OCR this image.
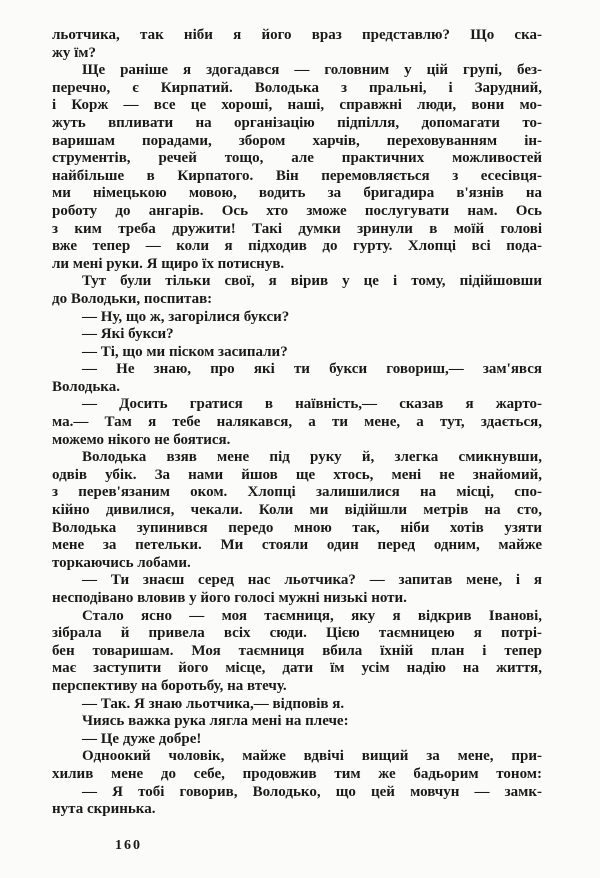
льотчика, так ніби я його враз представлю? Що ска-
жу їм?
Ще раніше я здогадався — головним у цій групі, без-
перечно, є Кирпатий. Володька з пральні, і Зарудний,
і Корж — все це хороші, наші, справжні люди, вони мо-
жуть впливати на організацію підпілля, допомагати то-
варишам порадами, збором харчів, переховуванням ін-
струментів, речей тощо, але практичних можливостей
найбільше в Кирпатого. Він перемовляється з есесівця-
ми німецькою мовою, водить за бригадира в'язнів на
роботу до ангарів. Ось хто зможе послугувати нам. Ось
з ким треба дружити! Такі думки зринули в моїй голові
вже тепер — коли я підходив до гурту. Хлопці всі пода-
ли мені руки. Я щиро їх потиснув.
Тут були тільки свої, я вірив у це і тому, підійшовши
до Володьки, поспитав:
— Ну, що ж, загорілися букси?
— Які букси?
— Ті, що ми піском засипали?
— Не знаю, про які ти букси говориш,— зам'явся
Володька.
— Досить гратися в наївність,— сказав я жарто-
ма.— Там я тебе налякався, а ти мене, а тут, здається,
можемо нікого не боятися.
Володька взяв мене під руку й, злегка смикнувши,
одвів убік. За нами йшов ще хтось, мені не знайомий,
з перев'язаним оком. Хлопці залишилися на місці, спо-
кійно дивилися, чекали. Коли ми відійшли метрів на сто,
Володька зупинився передо мною так, ніби хотів узяти
мене за петельки. Ми стояли один перед одним, майже
торкаючись лобами.
— Ти знаєш серед нас льотчика? — запитав мене, і я
несподівано вловив у його голосі мужні низькі ноти.
Стало ясно — моя таємниця, яку я відкрив Іванові,
зібрала й привела всіх сюди. Цією таємницею я потрі-
бен товаришам. Моя таємниця вбила їхній план і тепер
має заступити його місце, дати їм усім надію на життя,
перспективу на боротьбу, на втечу.
— Так. Я знаю льотчика,— відповів я.
Чиясь важка рука лягла мені на плече:
— Це дуже добре!
Одноокий чоловік, майже вдвічі вищий за мене, при-
хилив мене до себе, продовжив тим же бадьорим тоном:
— Я тобі говорив, Володько, що цей мовчун — замк-
нута скринька.
160
